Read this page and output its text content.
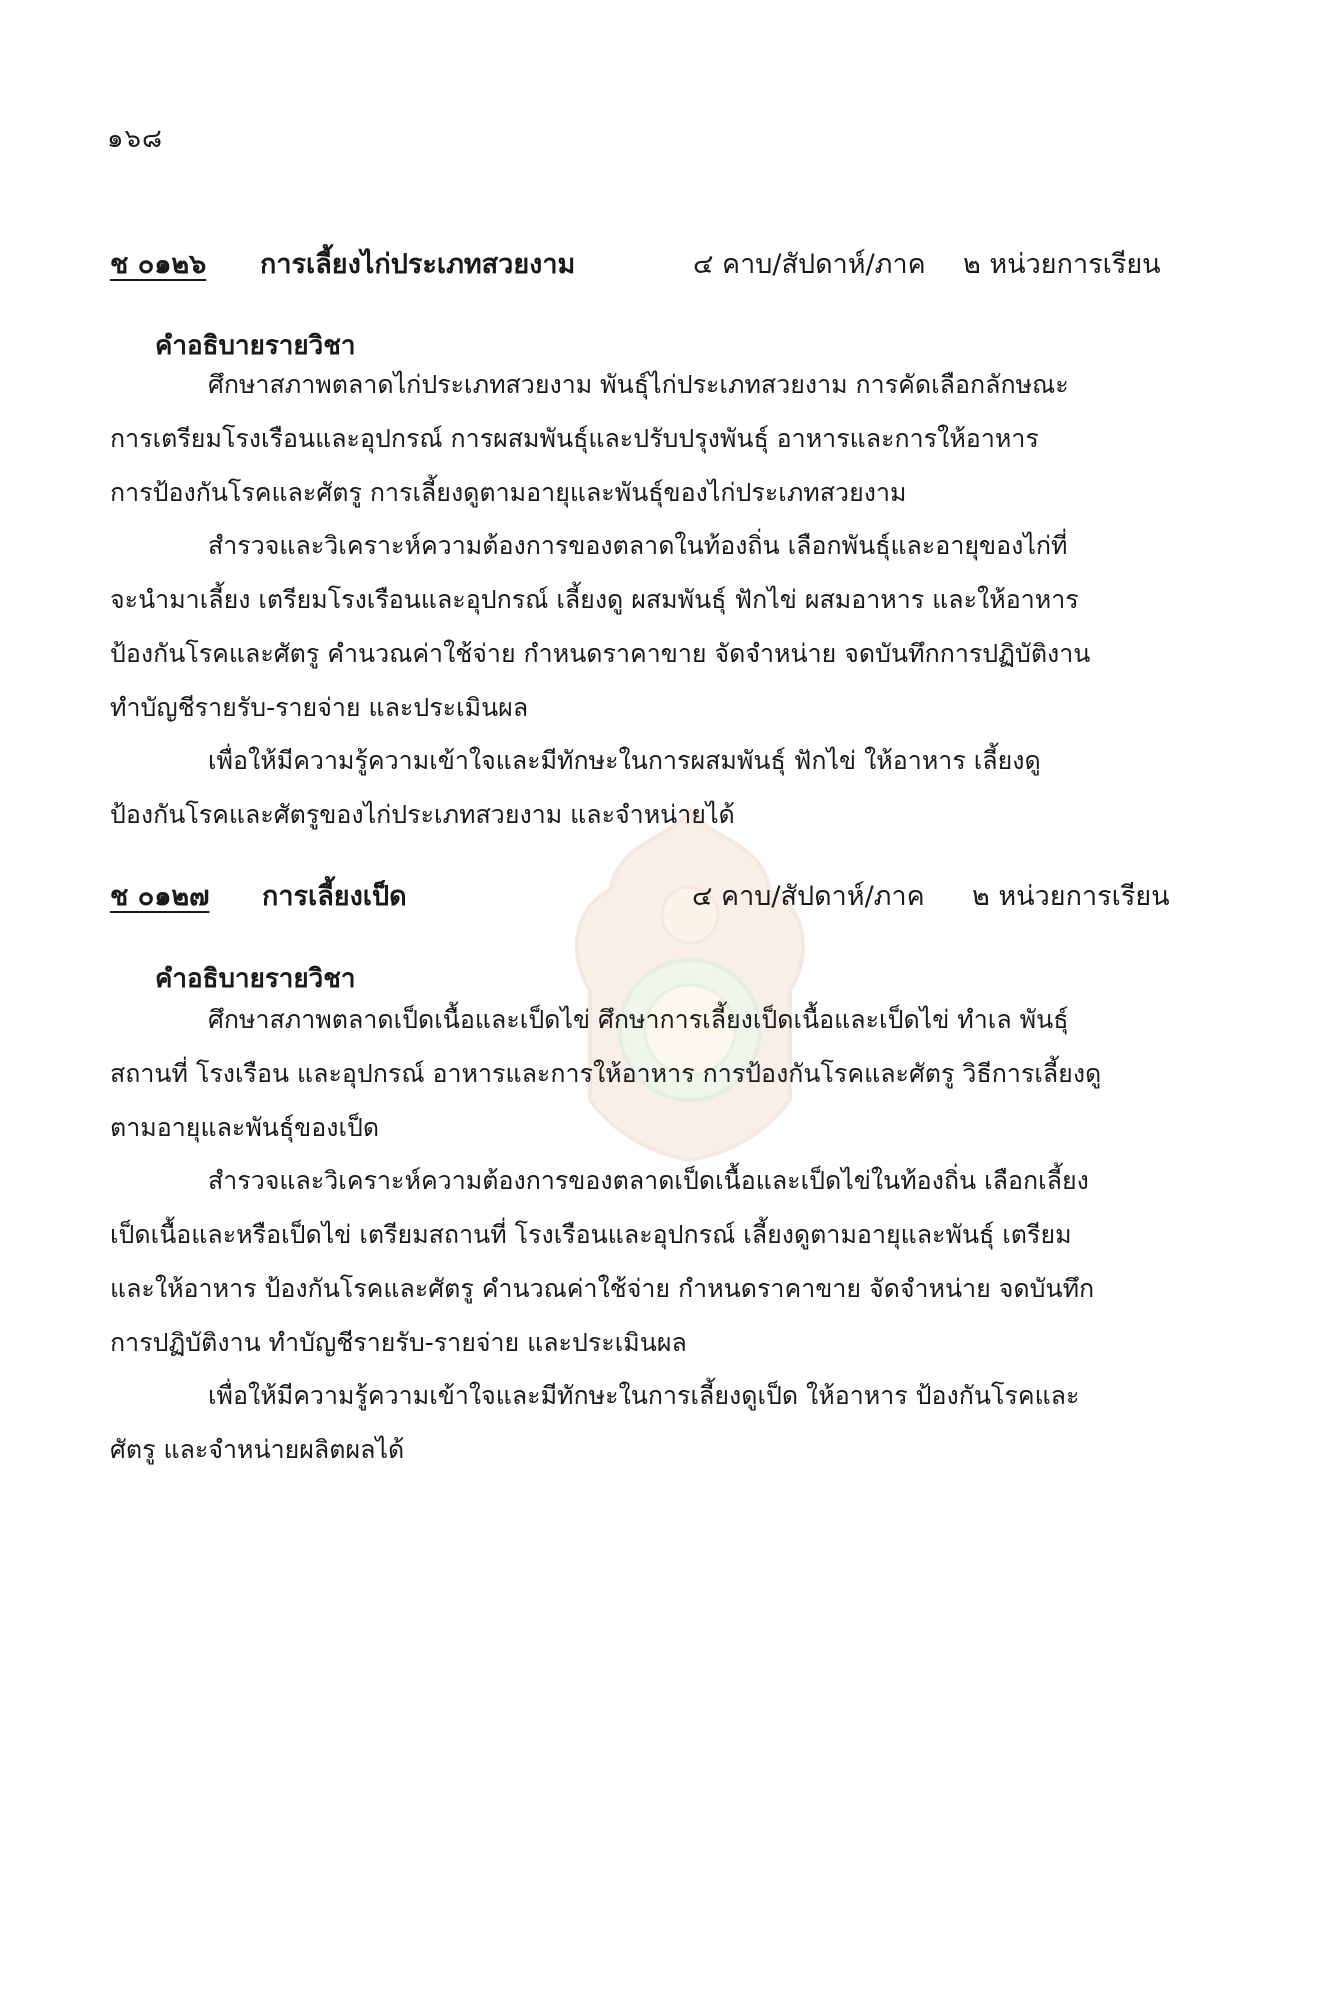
๑๖๘
ช ๐๑๒๖ การเลี้ยงไก่ประเภทสวยงาม	๔ คาบ/สัปดาห์/ภาค ๒ หน่วยการเรียน
คำอธิบายรายวิชา
ศึกษาสภาพตลาดไก่ประเภทสวยงาม พันธุ์ไก่ประเภทสวยงาม การคัดเลือกลักษณะ
การเตรียมโรงเรือนและอุปกรณ์ การผสมพันธุ์และปรับปรุงพันธุ์ อาหารและการให้อาหาร
การป้องกันโรคและศัตรู การเลี้ยงดูตามอายุและพันธุ์ของไก่ประเภทสวยงาม
สำรวจและวิเคราะห์ความต้องการของตลาดในท้องถิ่น เลือกพันธุ์และอายุของไก่ที่
จะนำมาเลี้ยง เตรียมโรงเรือนและอุปกรณ์ เลี้ยงดู ผสมพันธุ์ ฟักไข่ ผสมอาหาร และให้อาหาร
ป้องกันโรคและศัตรู คำนวณค่าใช้จ่าย กำหนดราคาขาย จัดจำหน่าย จดบันทึกการปฏิบัติงาน
ทำบัญชีรายรับ-รายจ่าย และประเมินผล
เพื่อให้มีความรู้ความเข้าใจและมีทักษะในการผสมพันธุ์ ฟักไข่ ให้อาหาร เลี้ยงดู
ป้องกันโรคและศัตรูของไก่ประเภทสวยงาม และจำหน่ายได้
ช ๐๑๒๗ การเลี้ยงเป็ด	๔ คาบ/สัปดาห์/ภาค ๒ หน่วยการเรียน
คำอธิบายรายวิชา
ศึกษาสภาพตลาดเป็ดเนื้อและเป็ดไข่ ศึกษาการเลี้ยงเป็ดเนื้อและเป็ดไข่ ทำเล พันธุ์
สถานที่ โรงเรือน และอุปกรณ์ อาหารและการให้อาหาร การป้องกันโรคและศัตรู วิธีการเลี้ยงดู
ตามอายุและพันธุ์ของเป็ด
สำรวจและวิเคราะห์ความต้องการของตลาดเป็ดเนื้อและเป็ดไข่ในท้องถิ่น เลือกเลี้ยง
เป็ดเนื้อและหรือเป็ดไข่ เตรียมสถานที่ โรงเรือนและอุปกรณ์ เลี้ยงดูตามอายุและพันธุ์ เตรียม
และให้อาหาร ป้องกันโรคและศัตรู คำนวณค่าใช้จ่าย กำหนดราคาขาย จัดจำหน่าย จดบันทึก
การปฏิบัติงาน ทำบัญชีรายรับ-รายจ่าย และประเมินผล
เพื่อให้มีความรู้ความเข้าใจและมีทักษะในการเลี้ยงดูเป็ด ให้อาหาร ป้องกันโรคและ
ศัตรู และจำหน่ายผลิตผลได้
